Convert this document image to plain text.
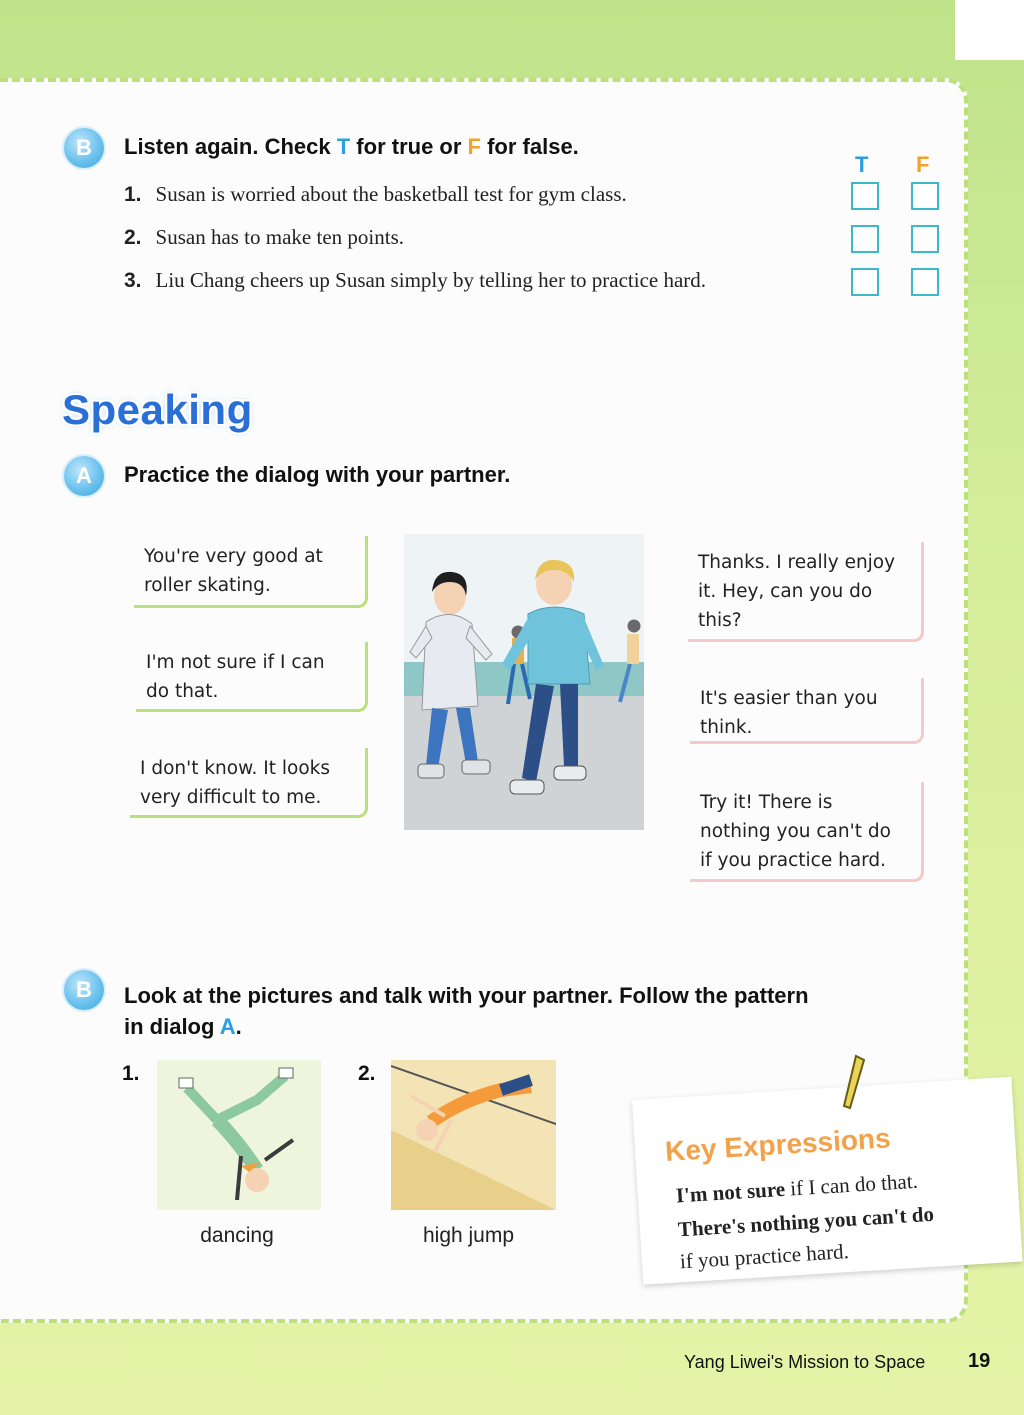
B	Listen again. Check T for true or F for false.
T F
1. Susan is worried about the basketball test for gym class.
2. Susan has to make ten points.
3. Liu Chang cheers up Susan simply by telling her to practice hard.
Speaking
A	Practice the dialog with your partner.
You're very good at
roller skating.
I'm not sure if I can
do that.
I don't know. It looks
very difficult to me.
Thanks. I really enjoy
it. Hey, can you do
this?
It's easier than you
think.
Try it! There is
nothing you can't do
if you practice hard.
B	Look at the pictures and talk with your partner. Follow the pattern
in dialog A.
1.
dancing
2.
high jump
Key Expressions
I'm not sure if I can do that.
There's nothing you can't do
if you practice hard.
Yang Liwei's Mission to Space 19
